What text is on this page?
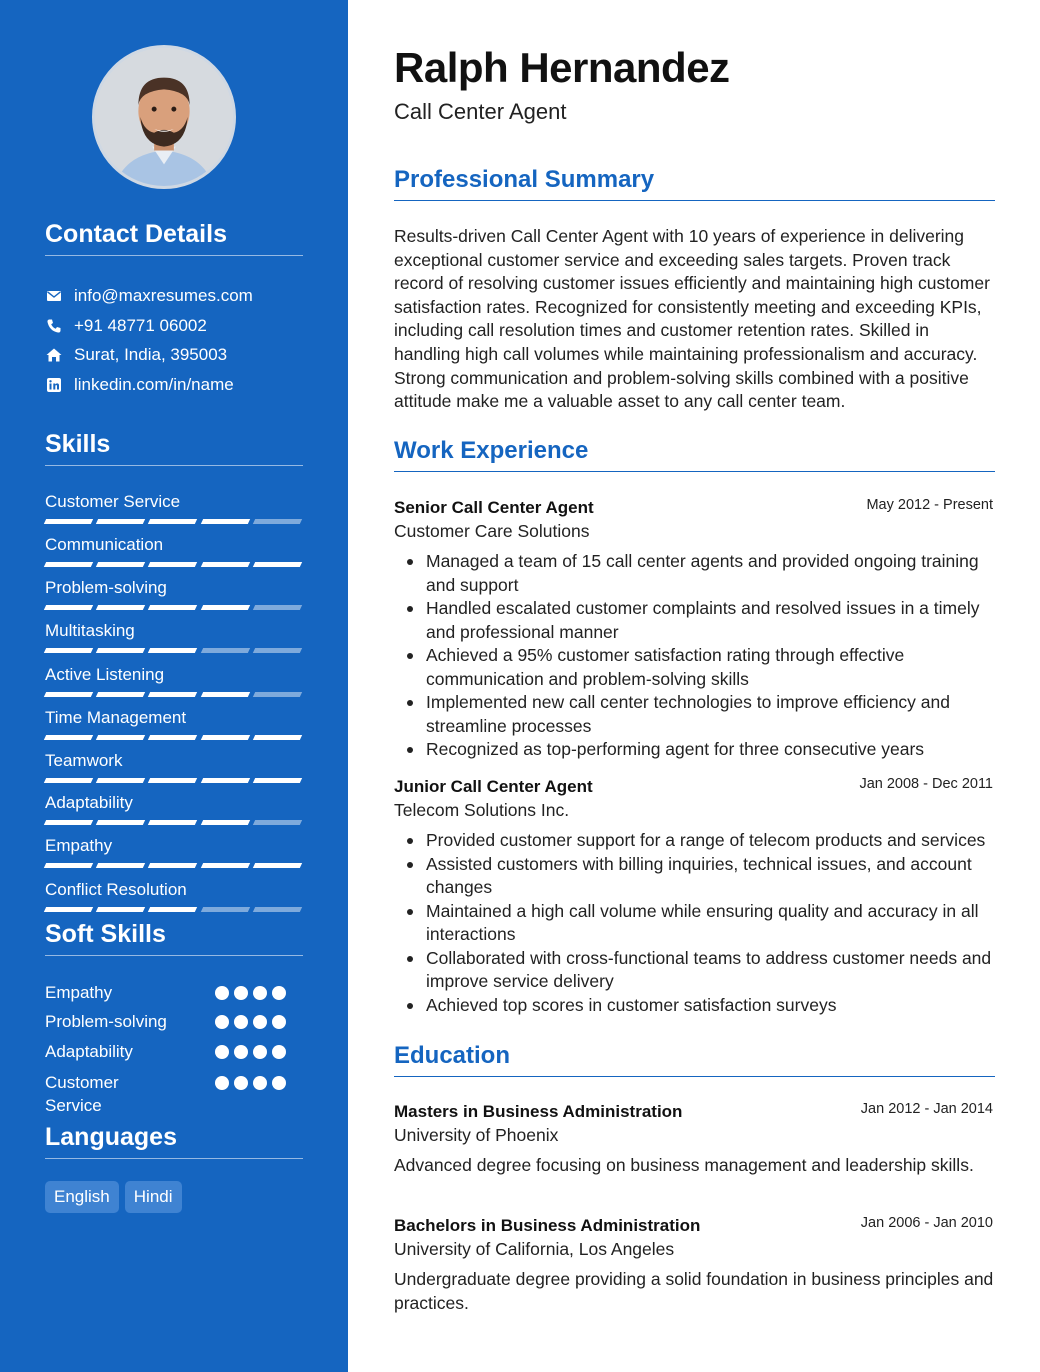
Contact Details
info@maxresumes.com
+91 48771 06002
Surat, India, 395003
linkedin.com/in/name
Skills
Customer Service
Communication
Problem-solving
Multitasking
Active Listening
Time Management
Teamwork
Adaptability
Empathy
Conflict Resolution
Soft Skills
Empathy
Problem-solving
Adaptability
Customer Service
Languages
English	Hindi
Ralph Hernandez
Call Center Agent
Professional Summary
Results-driven Call Center Agent with 10 years of experience in delivering exceptional customer service and exceeding sales targets. Proven track record of resolving customer issues efficiently and maintaining high customer satisfaction rates. Recognized for consistently meeting and exceeding KPIs, including call resolution times and customer retention rates. Skilled in handling high call volumes while maintaining professionalism and accuracy. Strong communication and problem-solving skills combined with a positive attitude make me a valuable asset to any call center team.
Work Experience
Senior Call Center Agent	May 2012 - Present
Customer Care Solutions
Managed a team of 15 call center agents and provided ongoing training and support
Handled escalated customer complaints and resolved issues in a timely and professional manner
Achieved a 95% customer satisfaction rating through effective communication and problem-solving skills
Implemented new call center technologies to improve efficiency and streamline processes
Recognized as top-performing agent for three consecutive years
Junior Call Center Agent	Jan 2008 - Dec 2011
Telecom Solutions Inc.
Provided customer support for a range of telecom products and services
Assisted customers with billing inquiries, technical issues, and account changes
Maintained a high call volume while ensuring quality and accuracy in all interactions
Collaborated with cross-functional teams to address customer needs and improve service delivery
Achieved top scores in customer satisfaction surveys
Education
Masters in Business Administration	Jan 2012 - Jan 2014
University of Phoenix
Advanced degree focusing on business management and leadership skills.
Bachelors in Business Administration	Jan 2006 - Jan 2010
University of California, Los Angeles
Undergraduate degree providing a solid foundation in business principles and practices.
